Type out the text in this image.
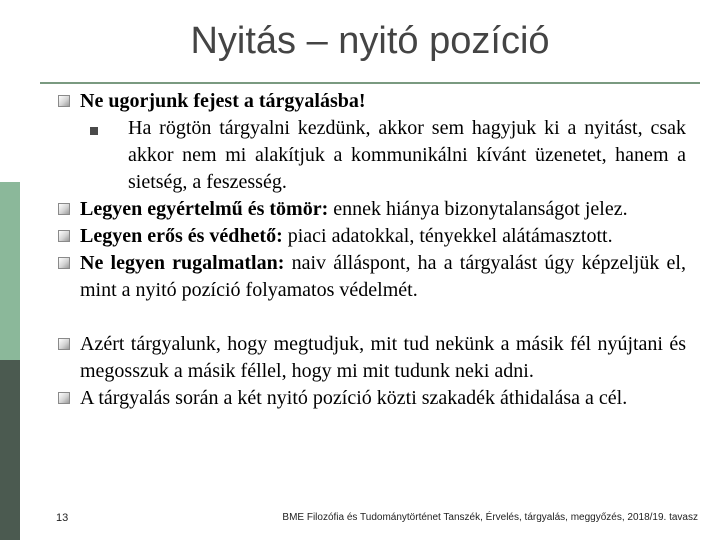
Nyitás – nyitó pozíció
Ne ugorjunk fejest a tárgyalásba!
Ha rögtön tárgyalni kezdünk, akkor sem hagyjuk ki a nyitást, csak akkor nem mi alakítjuk a kommunikálni kívánt üzenetet, hanem a sietség, a feszesség.
Legyen egyértelmű és tömör: ennek hiánya bizonytalanságot jelez.
Legyen erős és védhető: piaci adatokkal, tényekkel alátámasztott.
Ne legyen rugalmatlan: naiv álláspont, ha a tárgyalást úgy képzeljük el, mint a nyitó pozíció folyamatos védelmét.
Azért tárgyalunk, hogy megtudjuk, mit tud nekünk a másik fél nyújtani és megosszuk a másik féllel, hogy mi mit tudunk neki adni.
A tárgyalás során a két nyitó pozíció közti szakadék áthidalása a cél.
13	BME Filozófia és Tudománytörténet Tanszék, Érvelés, tárgyalás, meggyőzés, 2018/19. tavasz
